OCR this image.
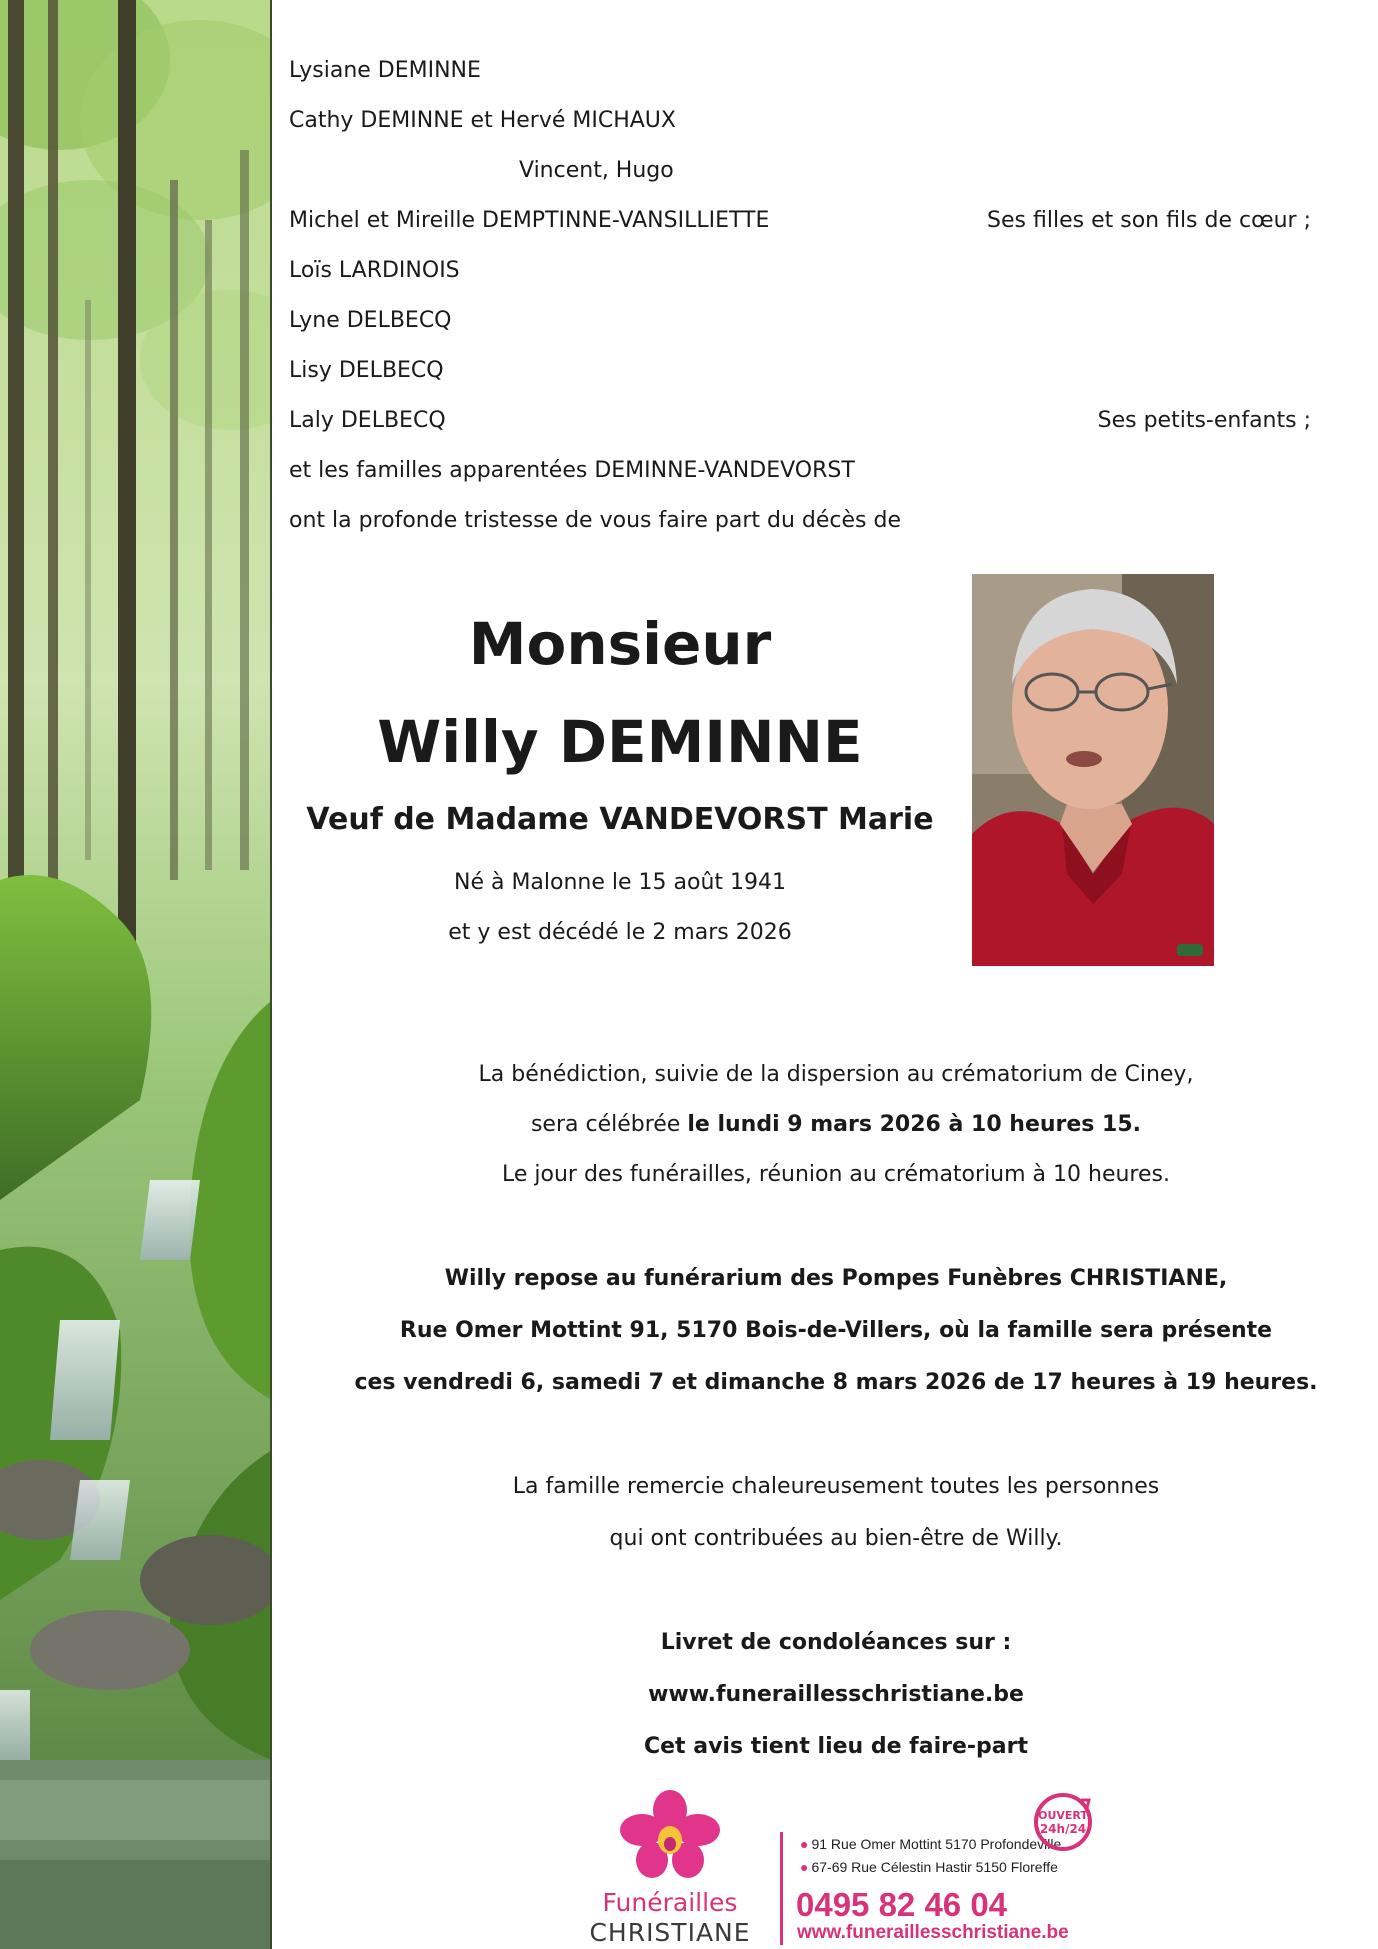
Lysiane DEMINNE
Cathy DEMINNE et Hervé MICHAUX
Vincent, Hugo
Michel et Mireille DEMPTINNE-VANSILLIETTE	Ses filles et son fils de cœur ;
Loïs LARDINOIS
Lyne DELBECQ
Lisy DELBECQ
Laly DELBECQ	Ses petits-enfants ;
et les familles apparentées DEMINNE-VANDEVORST
ont la profonde tristesse de vous faire part du décès de
Monsieur
Willy DEMINNE
Veuf de Madame VANDEVORST Marie
Né à Malonne le 15 août 1941
et y est décédé le 2 mars 2026
La bénédiction, suivie de la dispersion au crématorium de Ciney,
sera célébrée le lundi 9 mars 2026 à 10 heures 15.
Le jour des funérailles, réunion au crématorium à 10 heures.
Willy repose au funérarium des Pompes Funèbres CHRISTIANE,
Rue Omer Mottint 91, 5170 Bois-de-Villers, où la famille sera présente
ces vendredi 6, samedi 7 et dimanche 8 mars 2026 de 17 heures à 19 heures.
La famille remercie chaleureusement toutes les personnes
qui ont contribuées au bien-être de Willy.
Livret de condoléances sur :
www.funeraillesschristiane.be
Cet avis tient lieu de faire-part
Funérailles
CHRISTIANE
● 91 Rue Omer Mottint 5170 Profondeville
● 67-69 Rue Célestin Hastir 5150 Floreffe
0495 82 46 04
www.funeraillesschristiane.be
OUVERT
24h/24
